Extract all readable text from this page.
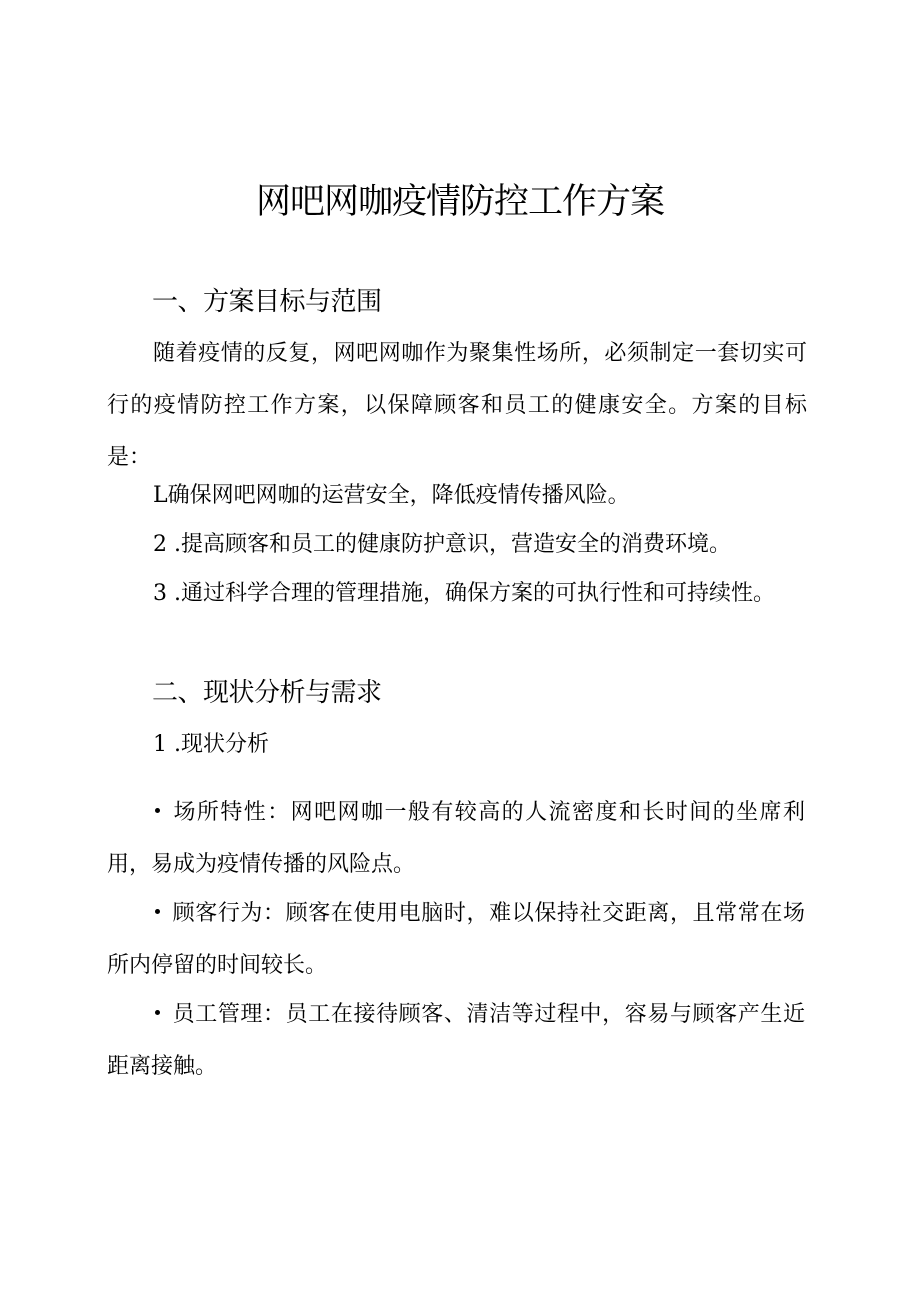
网吧网咖疫情防控工作方案
一、方案目标与范围

随着疫情的反复，网吧网咖作为聚集性场所，必须制定一套切实可行的疫情防控工作方案，以保障顾客和员工的健康安全。方案的目标是：

L确保网吧网咖的运营安全，降低疫情传播风险。

2 .提高顾客和员工的健康防护意识，营造安全的消费环境。

3 .通过科学合理的管理措施，确保方案的可执行性和可持续性。

二、现状分析与需求

1 .现状分析

场所特性：网吧网咖一般有较高的人流密度和长时间的坐席利用，易成为疫情传播的风险点。

顾客行为：顾客在使用电脑时，难以保持社交距离，且常常在场所内停留的时间较长。

员工管理：员工在接待顾客、清洁等过程中，容易与顾客产生近距离接触。
